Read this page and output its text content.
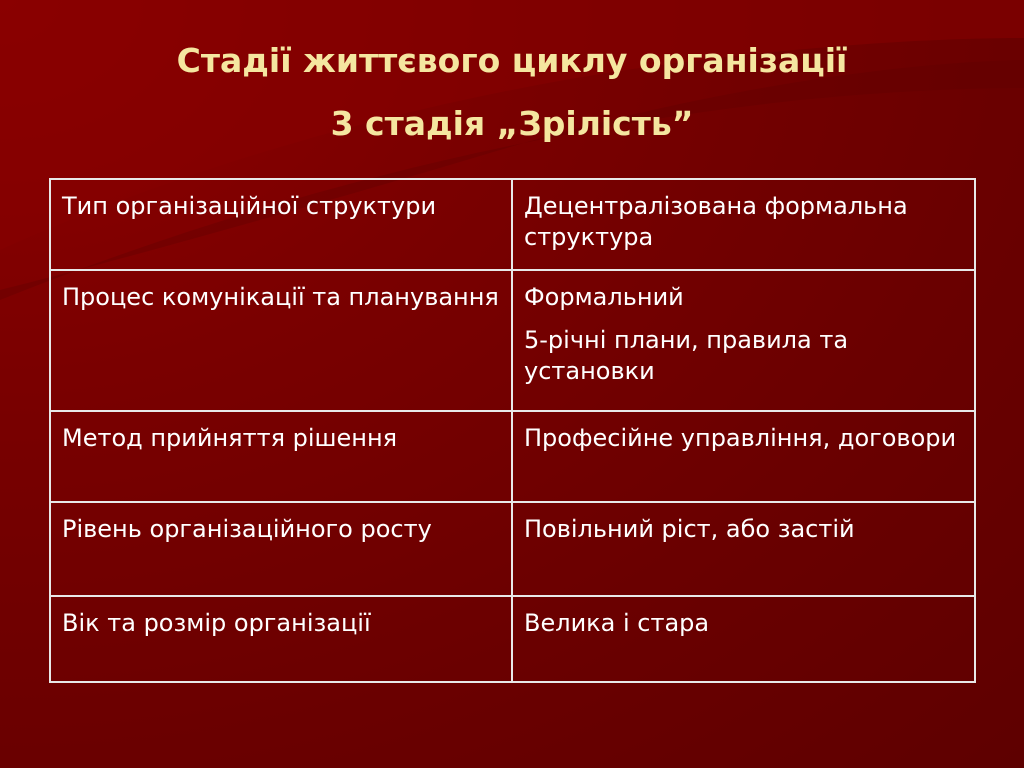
Стадії життєвого циклу організації
3 стадія „Зрілість”
Тип організаційної структури	Децентралізована формальна структура

Процес комунікації та планування	Формальний
5-річні плани, правила та установки

Метод прийняття рішення	Професійне управління, договори

Рівень організаційного росту	Повільний ріст, або застій

Вік та розмір організації	Велика і стара
